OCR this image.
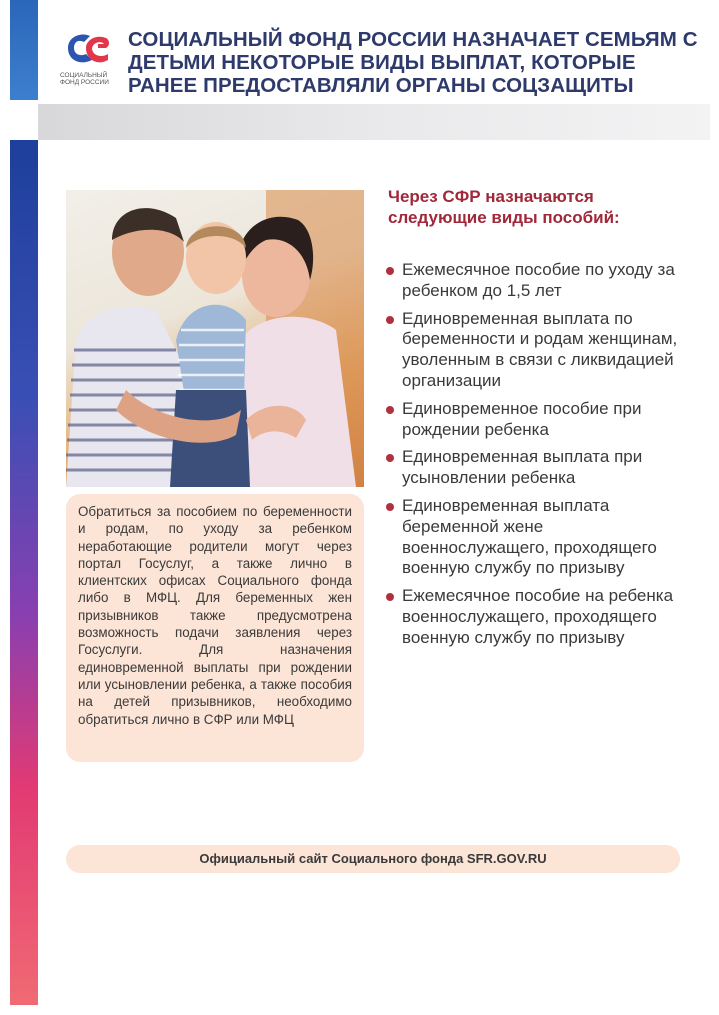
СОЦИАЛЬНЫЙ ФОНД РОССИИ
СОЦИАЛЬНЫЙ ФОНД РОССИИ НАЗНАЧАЕТ СЕМЬЯМ С ДЕТЬМИ НЕКОТОРЫЕ ВИДЫ ВЫПЛАТ, КОТОРЫЕ РАНЕЕ ПРЕДОСТАВЛЯЛИ ОРГАНЫ СОЦЗАЩИТЫ
Обратиться за пособием по беременности и родам, по уходу за ребенком неработающие родители могут через портал Госуслуг, а также лично в клиентских офисах Социального фонда либо в МФЦ. Для беременных жен призывников также предусмотрена возможность подачи заявления через Госуслуги. Для назначения единовременной выплаты при рождении или усыновлении ребенка, а также пособия на детей призывников, необходимо обратиться лично в СФР или МФЦ
Через СФР назначаются следующие виды пособий:
Ежемесячное пособие по уходу за ребенком до 1,5 лет
Единовременная выплата по беременности и родам женщинам, уволенным в связи с ликвидацией организации
Единовременное пособие при рождении ребенка
Единовременная выплата при усыновлении ребенка
Единовременная выплата беременной жене военнослужащего, проходящего военную службу по призыву
Ежемесячное пособие на ребенка военнослужащего, проходящего военную службу по призыву
Официальный сайт Социального фонда SFR.GOV.RU
